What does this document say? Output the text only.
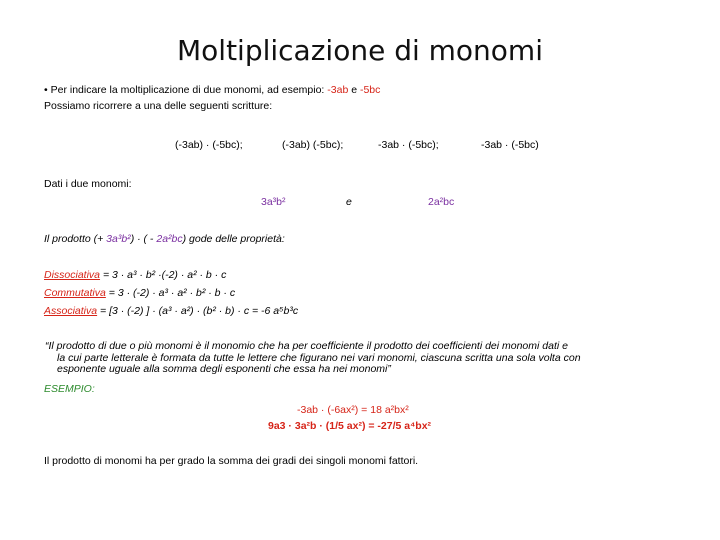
Moltiplicazione di monomi
• Per indicare la moltiplicazione di due monomi, ad esempio: -3ab e -5bc
Possiamo ricorrere a una delle seguenti scritture:
(-3ab) · (-5bc);	(-3ab) (-5bc);	-3ab · (-5bc);	-3ab · (-5bc)
Dati i due monomi:
3a³b²	e	2a²bc
Il prodotto (+ 3a³b²) · ( - 2a²bc) gode delle proprietà:
Dissociativa = 3 · a³ · b² ·(-2) · a² · b · c
Commutativa = 3 · (-2) · a³ · a² · b² · b · c
Associativa = [3 · (-2) ] · (a³ · a²) · (b² · b) · c = -6 a⁵b³c
“Il prodotto di due o più monomi è il monomio che ha per coefficiente il prodotto dei coefficienti dei monomi dati e
la cui parte letterale è formata da tutte le lettere che figurano nei vari monomi, ciascuna scritta una sola volta con
esponente uguale alla somma degli esponenti che essa ha nei monomi”
ESEMPIO:
-3ab · (-6ax²) = 18 a²bx²
9a3 · 3a²b · (1/5 ax²) = -27/5 a⁴bx²
Il prodotto di monomi ha per grado la somma dei gradi dei singoli monomi fattori.
